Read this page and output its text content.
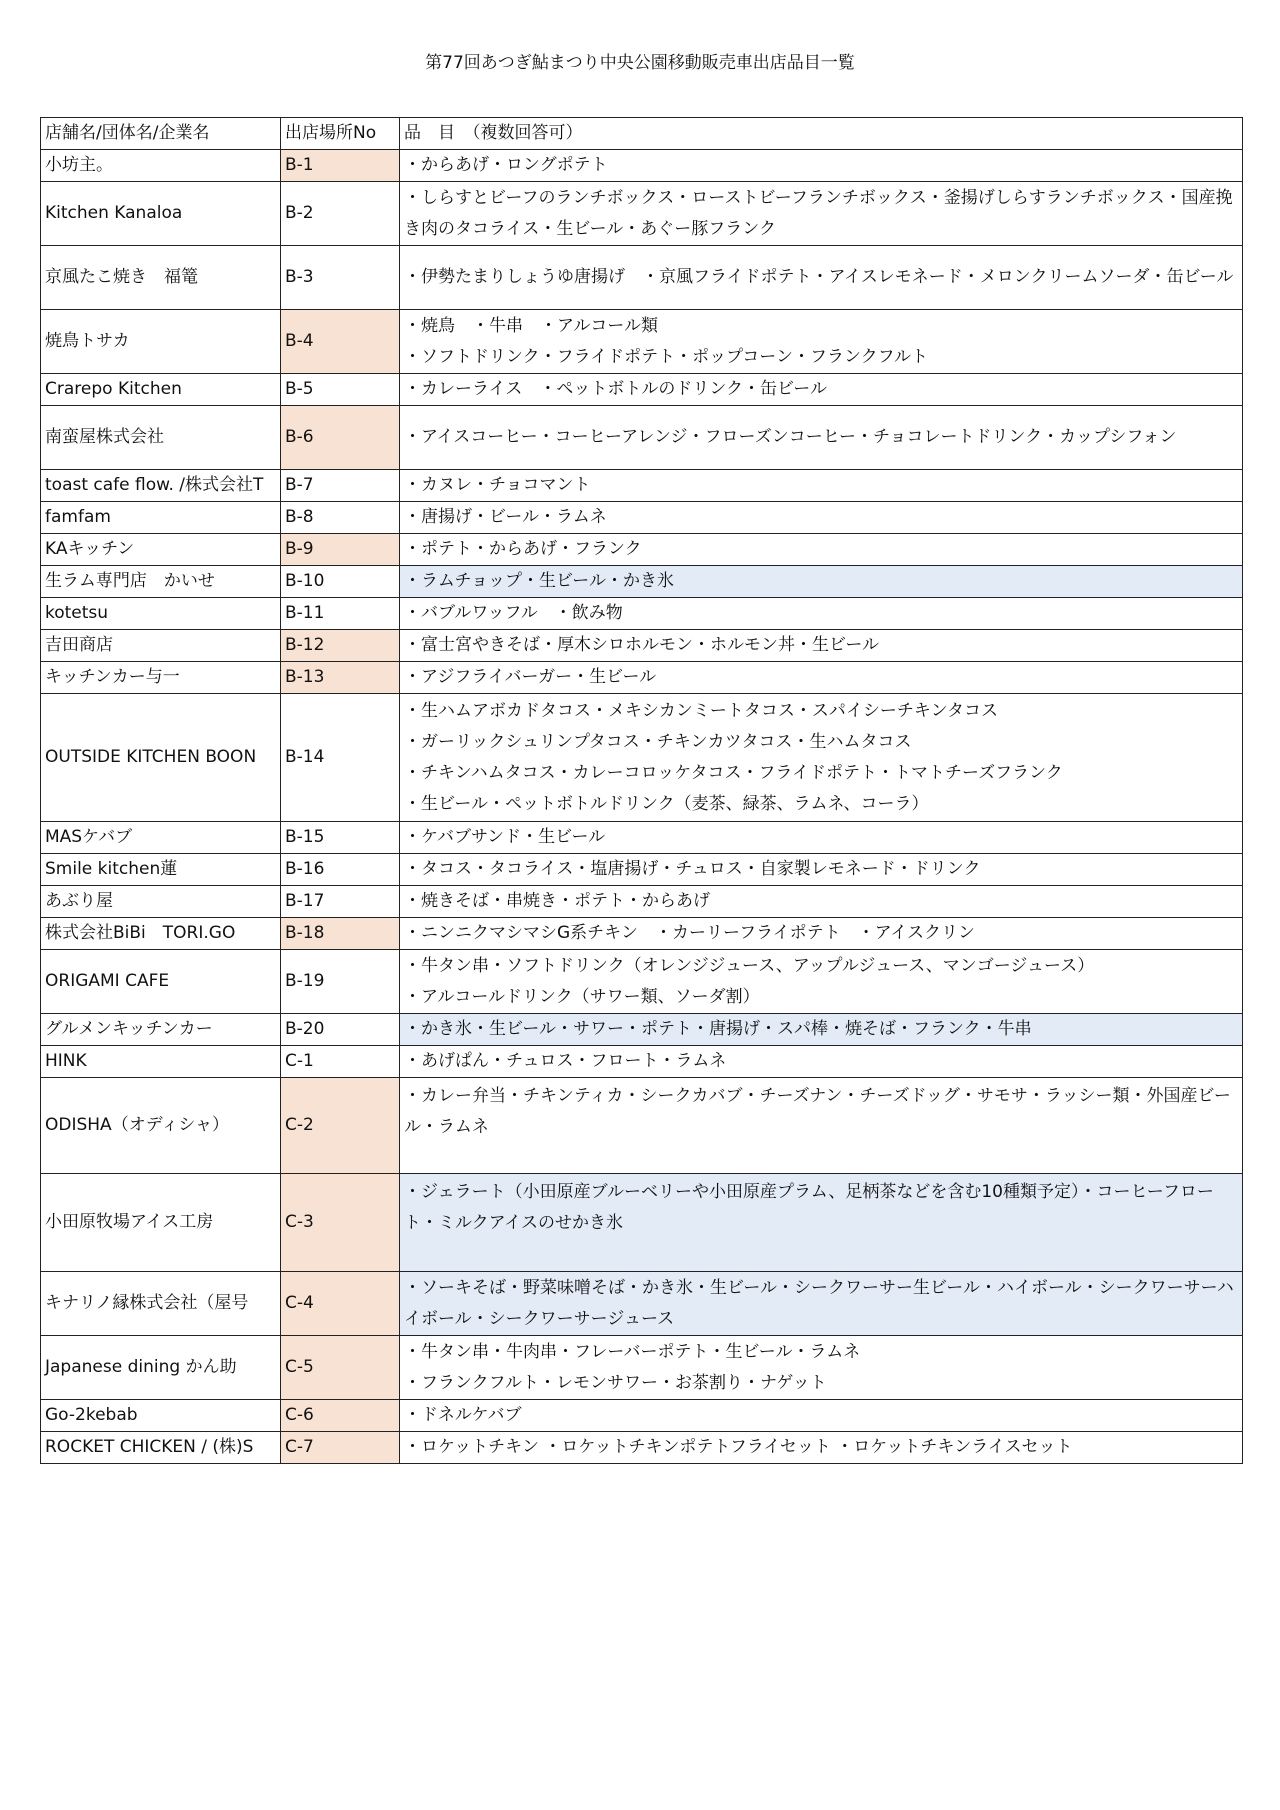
第77回あつぎ鮎まつり中央公園移動販売車出店品目一覧
店舗名/団体名/企業名	出店場所No	品　目　（複数回答可）
小坊主。	B-1	・からあげ・ロングポテト

Kitchen Kanaloa	B-2	・しらすとビーフのランチボックス・ローストビーフランチボックス・釜揚げしらすランチボックス・国産挽き肉のタコライス・生ビール・あぐー豚フランク

京風たこ焼き　福篭	B-3	・伊勢たまりしょうゆ唐揚げ　・京風フライドポテト・アイスレモネード・メロンクリームソーダ・缶ビール

焼鳥トサカ	B-4	・焼鳥　・牛串　・アルコール類
・ソフトドリンク・フライドポテト・ポップコーン・フランクフルト

Crarepo Kitchen	B-5	・カレーライス　・ペットボトルのドリンク・缶ビール

南蛮屋株式会社	B-6	・アイスコーヒー・コーヒーアレンジ・フローズンコーヒー・チョコレートドリンク・カップシフォン

toast cafe flow. /株式会社T	B-7	・カヌレ・チョコマント

famfam	B-8	・唐揚げ・ビール・ラムネ

KAキッチン	B-9	・ポテト・からあげ・フランク

生ラム専門店　かいせ	B-10	・ラムチョップ・生ビール・かき氷

kotetsu	B-11	・バブルワッフル　・飲み物

吉田商店	B-12	・富士宮やきそば・厚木シロホルモン・ホルモン丼・生ビール

キッチンカー与一	B-13	・アジフライバーガー・生ビール

OUTSIDE KITCHEN BOON	B-14	・生ハムアボカドタコス・メキシカンミートタコス・スパイシーチキンタコス
・ガーリックシュリンプタコス・チキンカツタコス・生ハムタコス
・チキンハムタコス・カレーコロッケタコス・フライドポテト・トマトチーズフランク
・生ビール・ペットボトルドリンク（麦茶、緑茶、ラムネ、コーラ）

MASケバブ	B-15	・ケバブサンド・生ビール

Smile kitchen蓮	B-16	・タコス・タコライス・塩唐揚げ・チュロス・自家製レモネード・ドリンク

あぶり屋	B-17	・焼きそば・串焼き・ポテト・からあげ

株式会社BiBi　TORI.GO	B-18	・ニンニクマシマシG系チキン　・カーリーフライポテト　・アイスクリン

ORIGAMI CAFE	B-19	・牛タン串・ソフトドリンク（オレンジジュース、アップルジュース、マンゴージュース）
・アルコールドリンク（サワー類、ソーダ割）

グルメンキッチンカー	B-20	・かき氷・生ビール・サワー・ポテト・唐揚げ・スパ棒・焼そば・フランク・牛串

HINK	C-1	・あげぱん・チュロス・フロート・ラムネ

ODISHA（オディシャ）	C-2	・カレー弁当・チキンティカ・シークカバブ・チーズナン・チーズドッグ・サモサ・ラッシー類・外国産ビール・ラムネ

小田原牧場アイス工房	C-3	・ジェラート（小田原産ブルーベリーや小田原産プラム、足柄茶などを含む10種類予定）・コーヒーフロート・ミルクアイスのせかき氷

キナリノ縁株式会社（屋号	C-4	・ソーキそば・野菜味噌そば・かき氷・生ビール・シークワーサー生ビール・ハイボール・シークワーサーハイボール・シークワーサージュース

Japanese dining かん助	C-5	・牛タン串・牛肉串・フレーバーポテト・生ビール・ラムネ
・フランクフルト・レモンサワー・お茶割り・ナゲット

Go-2kebab	C-6	・ドネルケバブ

ROCKET CHICKEN / (株)S	C-7	・ロケットチキン ・ロケットチキンポテトフライセット ・ロケットチキンライスセット
